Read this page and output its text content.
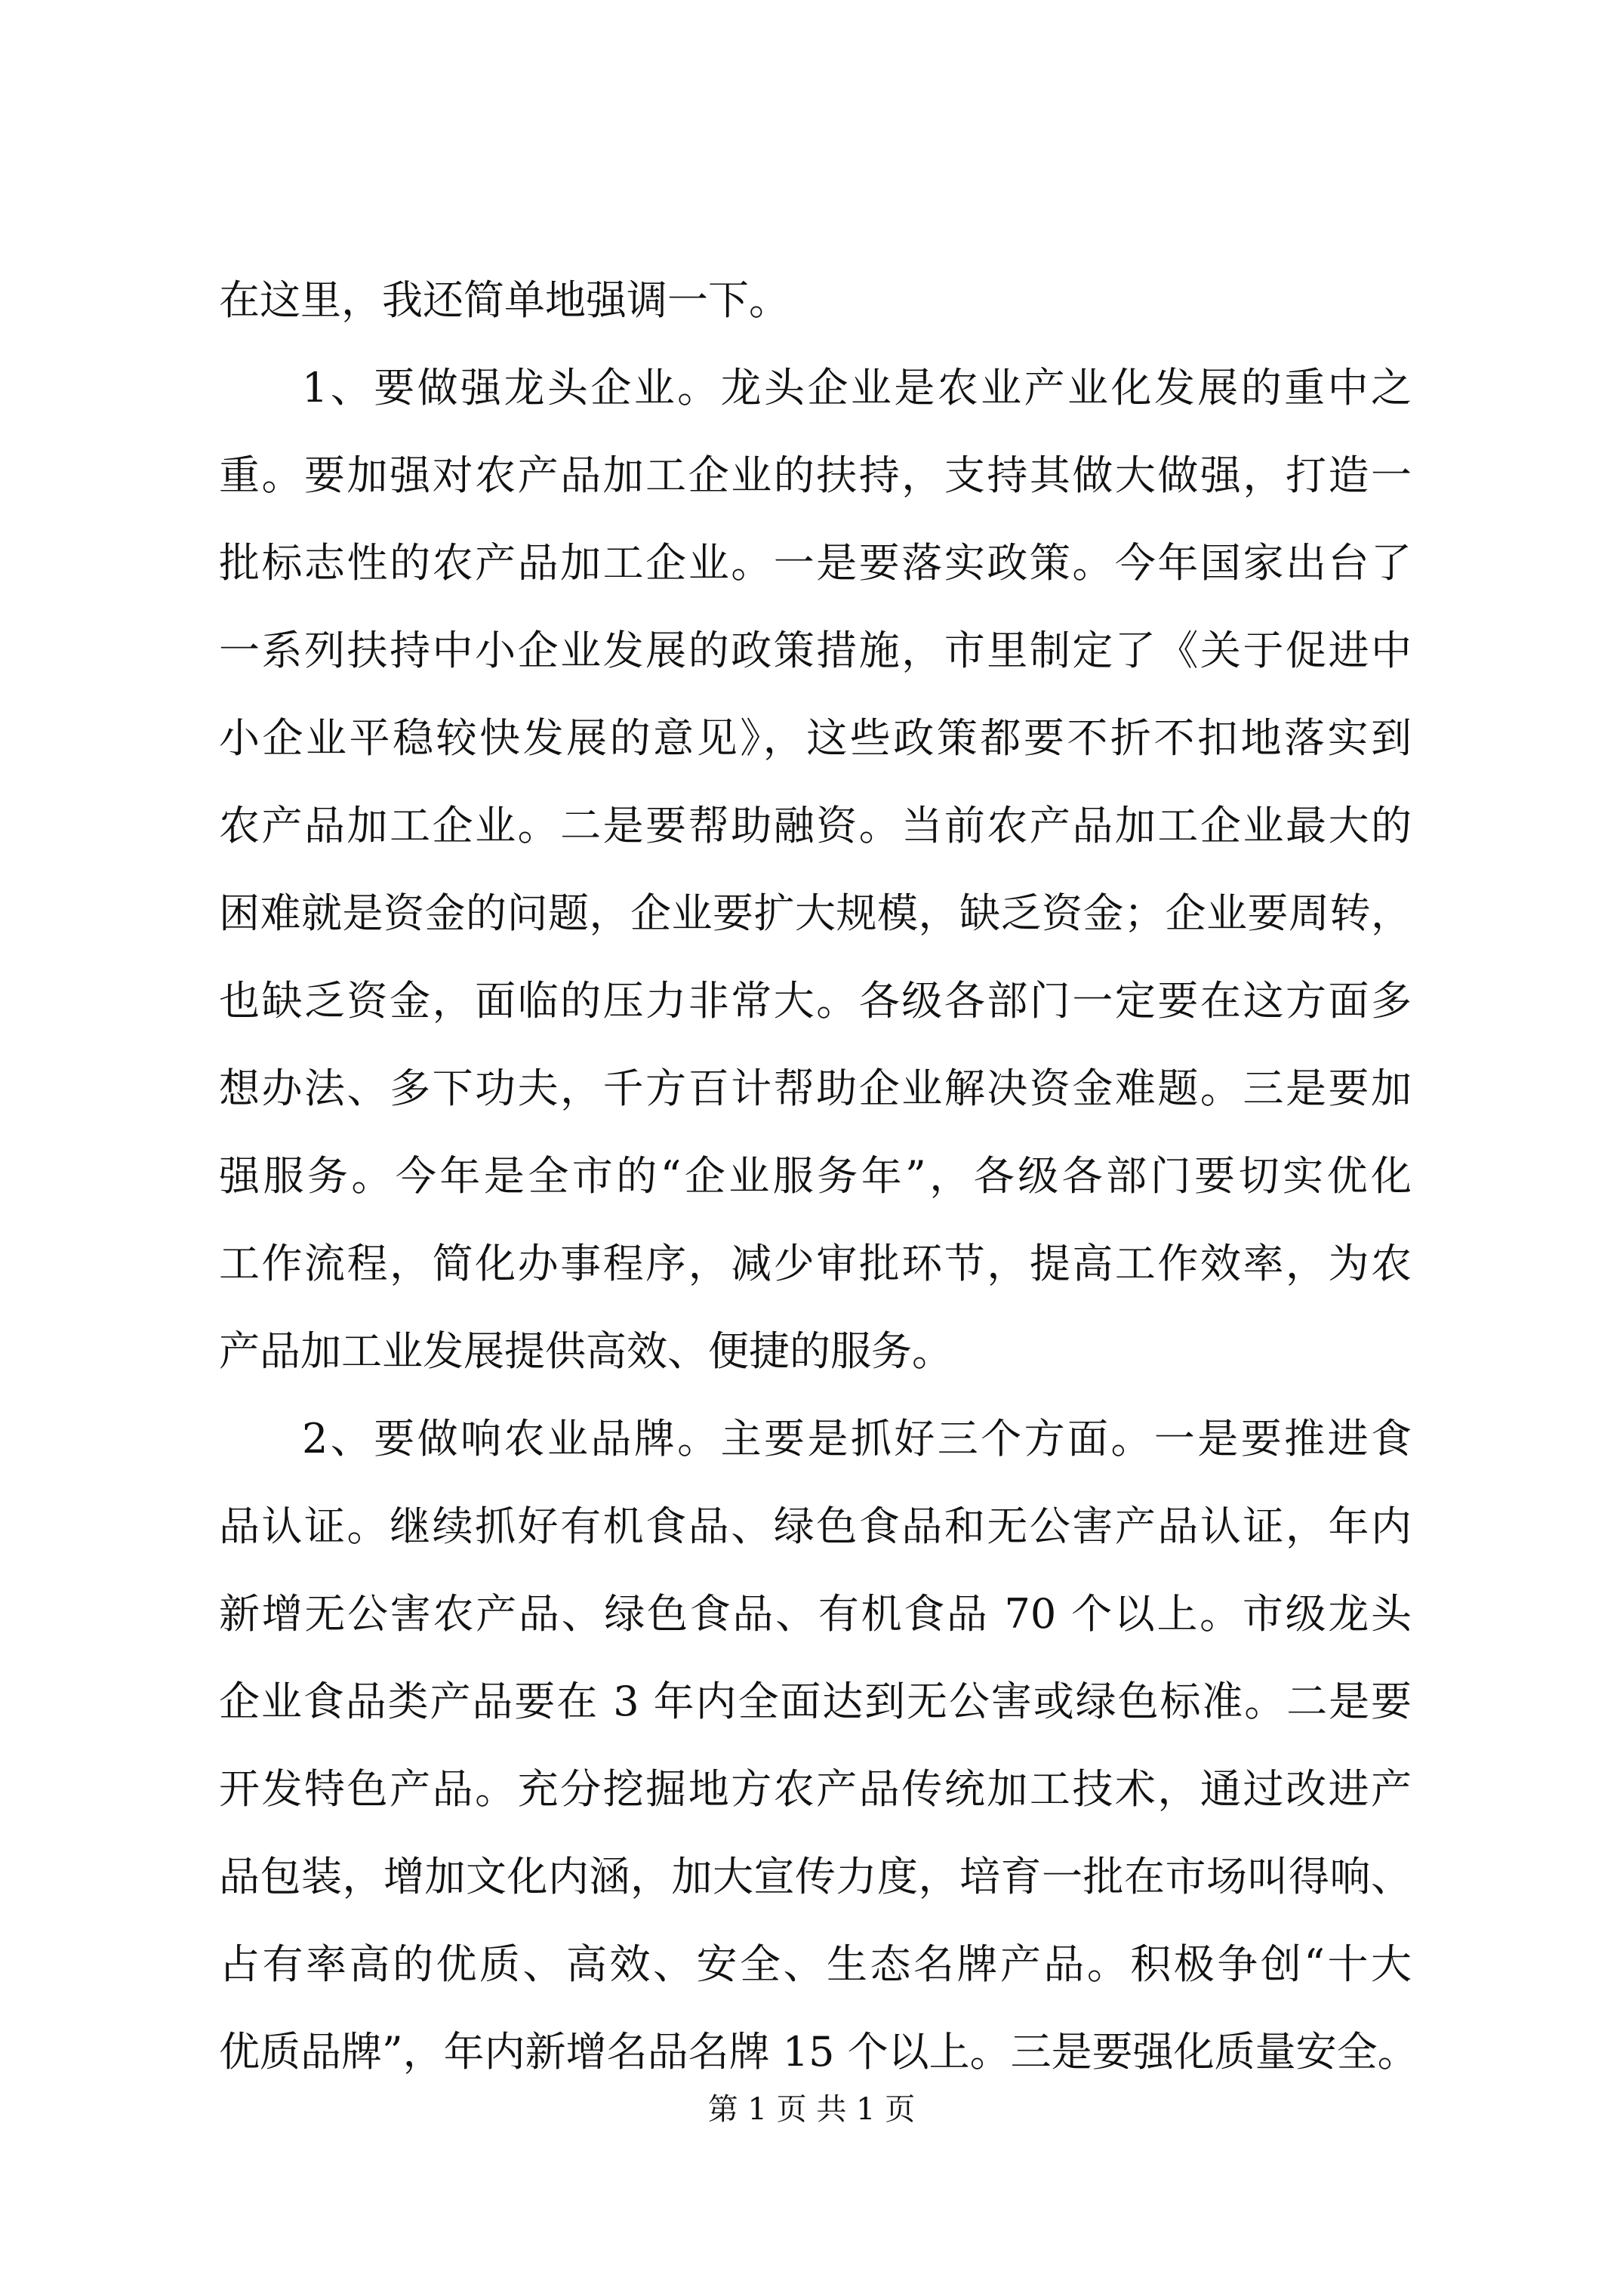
在这里，我还简单地强调一下。
1、要做强龙头企业。龙头企业是农业产业化发展的重中之
重。要加强对农产品加工企业的扶持，支持其做大做强，打造一
批标志性的农产品加工企业。一是要落实政策。今年国家出台了
一系列扶持中小企业发展的政策措施，市里制定了《关于促进中
小企业平稳较快发展的意见》，这些政策都要不折不扣地落实到
农产品加工企业。二是要帮助融资。当前农产品加工企业最大的
困难就是资金的问题，企业要扩大规模，缺乏资金；企业要周转，
也缺乏资金，面临的压力非常大。各级各部门一定要在这方面多
想办法、多下功夫，千方百计帮助企业解决资金难题。三是要加
强服务。今年是全市的“企业服务年”，各级各部门要切实优化
工作流程，简化办事程序，减少审批环节，提高工作效率，为农
产品加工业发展提供高效、便捷的服务。
2、要做响农业品牌。主要是抓好三个方面。一是要推进食
品认证。继续抓好有机食品、绿色食品和无公害产品认证，年内
新增无公害农产品、绿色食品、有机食品 70 个以上。市级龙头
企业食品类产品要在 3 年内全面达到无公害或绿色标准。二是要
开发特色产品。充分挖掘地方农产品传统加工技术，通过改进产
品包装，增加文化内涵，加大宣传力度，培育一批在市场叫得响、
占有率高的优质、高效、安全、生态名牌产品。积极争创“十大
优质品牌”，年内新增名品名牌 15 个以上。三是要强化质量安全。
第 1 页 共 1 页
